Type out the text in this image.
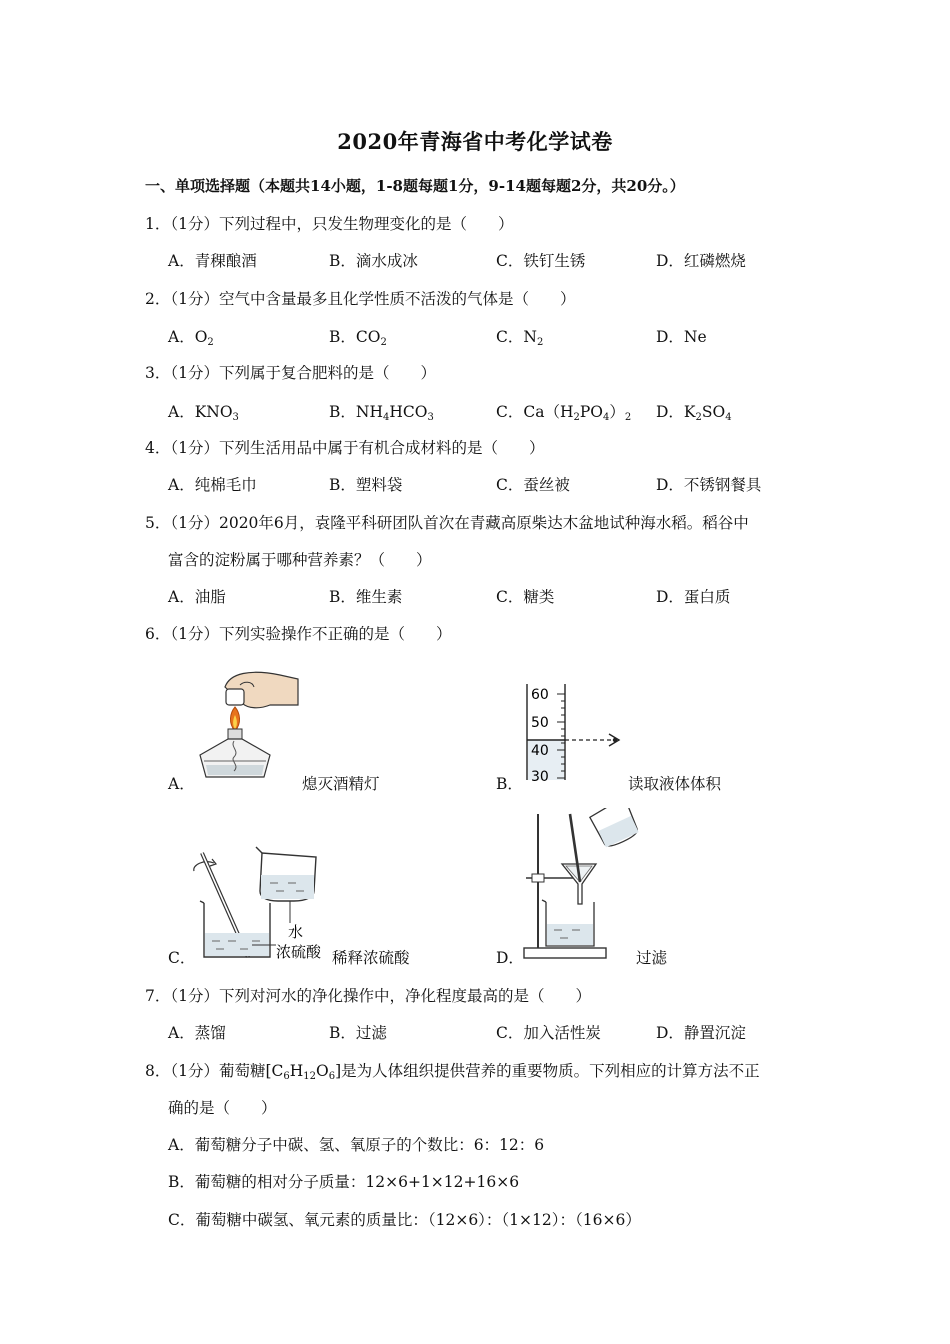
2020年青海省中考化学试卷
一、单项选择题（本题共14小题，1-8题每题1分，9-14题每题2分，共20分。）
1．（1分）下列过程中，只发生物理变化的是（　　）
A．青稞酿酒	B．滴水成冰	C．铁钉生锈	D．红磷燃烧
2．（1分）空气中含量最多且化学性质不活泼的气体是（　　）
A．$O_2$	B．$CO_2$	C．$N_2$	D．Ne
3．（1分）下列属于复合肥料的是（　　）
A．$KNO_3$	B．$NH_4HCO_3$	C．$Ca(H_2PO_4)_2$ D．$K_2SO_4$
4．（1分）下列生活用品中属于有机合成材料的是（　　）
A．纯棉毛巾	B．塑料袋	C．蚕丝被	D．不锈钢餐具
5．（1分）2020年6月，袁隆平科研团队首次在青藏高原柴达木盆地试种海水稻。稻谷中
富含的淀粉属于哪种营养素？（　　）
A．油脂	B．维生素	C．糖类	D．蛋白质
6．（1分）下列实验操作不正确的是（　　）
A．	熄灭酒精灯	B．
60
50
40
30	读取液体体积
C．
水
浓硫酸 稀释浓硫酸	D．	过滤
7．（1分）下列对河水的净化操作中，净化程度最高的是（　　）
A．蒸馏	B．过滤	C．加入活性炭	D．静置沉淀
8．（1分）葡萄糖$[C_6H_{12}O_6]$是为人体组织提供营养的重要物质。下列相应的计算方法不正
确的是（　　）
A．葡萄糖分子中碳、氢、氧原子的个数比：6：12：6
B．葡萄糖的相对分子质量：12×6+1×12+16×6
C．葡萄糖中碳氢、氧元素的质量比：（12×6）：（1×12）：（16×6）
